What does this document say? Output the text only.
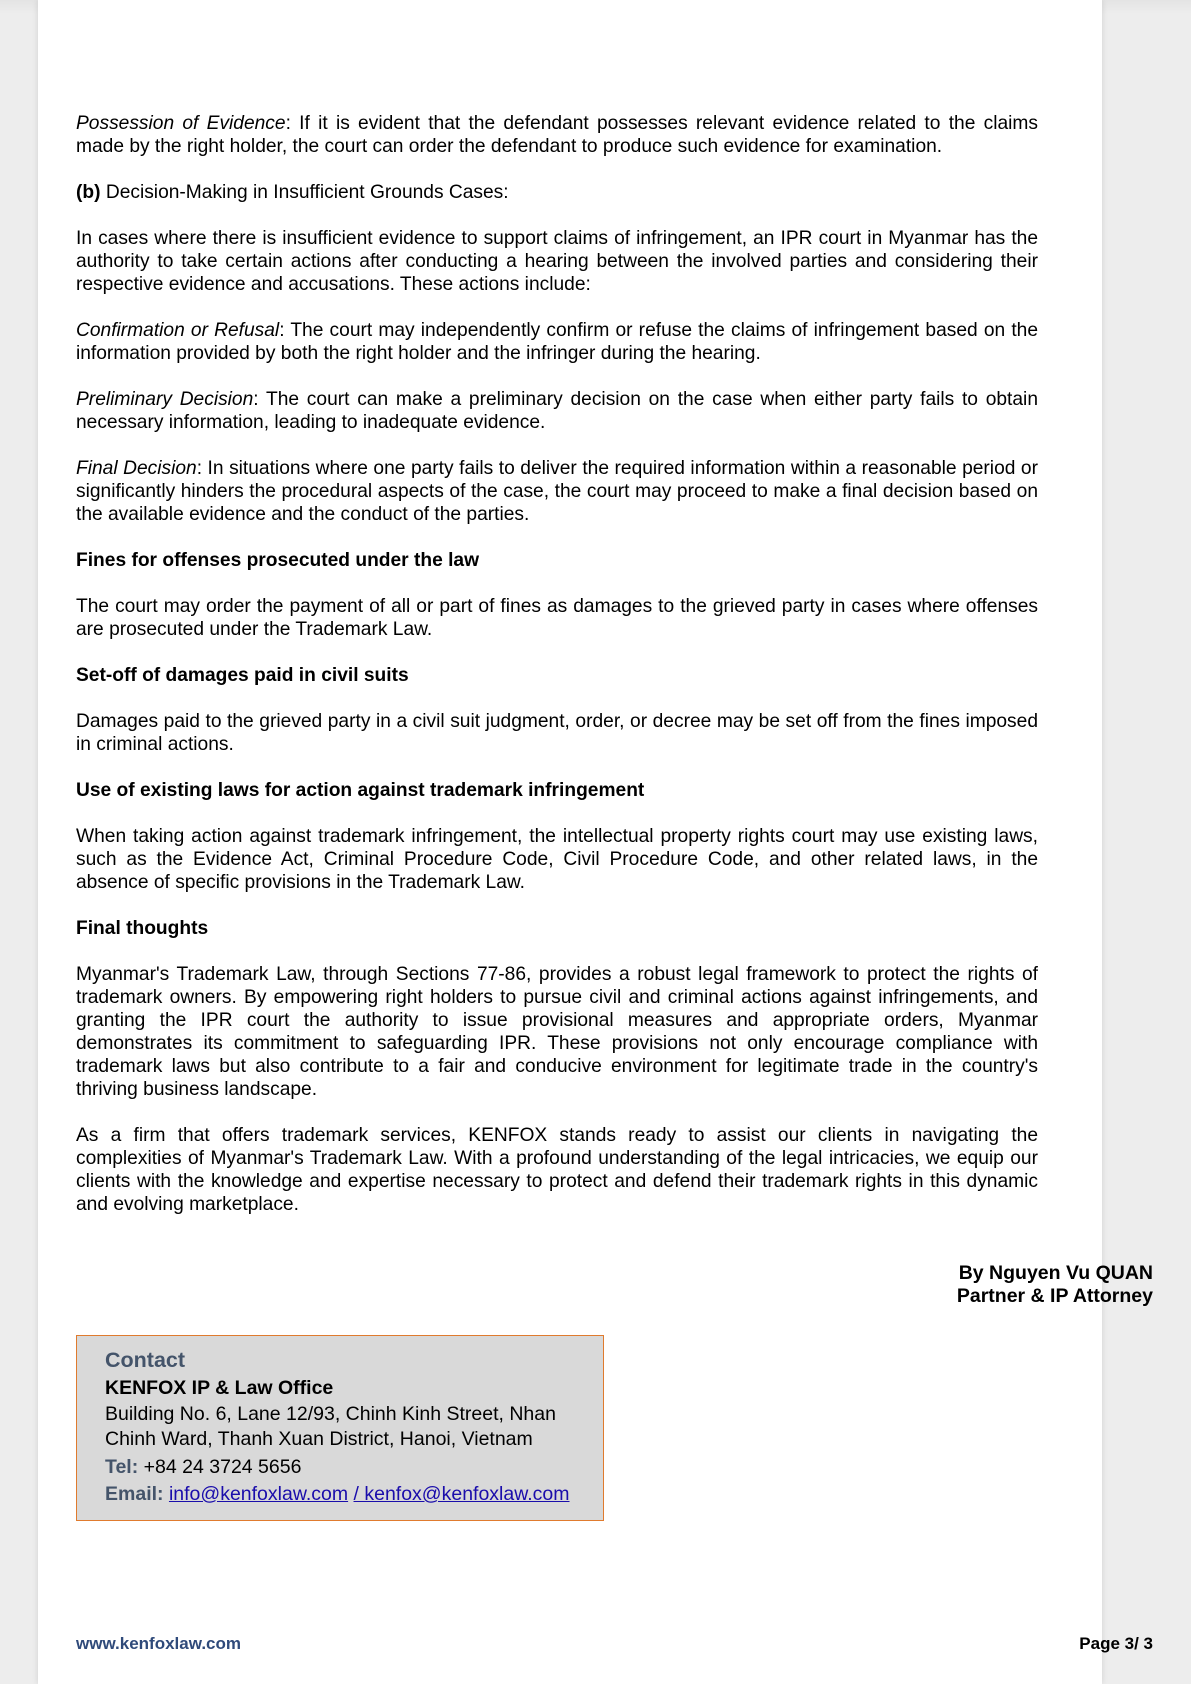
Possession of Evidence: If it is evident that the defendant possesses relevant evidence related to the claims made by the right holder, the court can order the defendant to produce such evidence for examination.

(b) Decision-Making in Insufficient Grounds Cases:

In cases where there is insufficient evidence to support claims of infringement, an IPR court in Myanmar has the authority to take certain actions after conducting a hearing between the involved parties and considering their respective evidence and accusations. These actions include:

Confirmation or Refusal: The court may independently confirm or refuse the claims of infringement based on the information provided by both the right holder and the infringer during the hearing.

Preliminary Decision: The court can make a preliminary decision on the case when either party fails to obtain necessary information, leading to inadequate evidence.

Final Decision: In situations where one party fails to deliver the required information within a reasonable period or significantly hinders the procedural aspects of the case, the court may proceed to make a final decision based on the available evidence and the conduct of the parties.

Fines for offenses prosecuted under the law

The court may order the payment of all or part of fines as damages to the grieved party in cases where offenses are prosecuted under the Trademark Law.

Set-off of damages paid in civil suits

Damages paid to the grieved party in a civil suit judgment, order, or decree may be set off from the fines imposed in criminal actions.

Use of existing laws for action against trademark infringement

When taking action against trademark infringement, the intellectual property rights court may use existing laws, such as the Evidence Act, Criminal Procedure Code, Civil Procedure Code, and other related laws, in the absence of specific provisions in the Trademark Law.

Final thoughts

Myanmar's Trademark Law, through Sections 77-86, provides a robust legal framework to protect the rights of trademark owners. By empowering right holders to pursue civil and criminal actions against infringements, and granting the IPR court the authority to issue provisional measures and appropriate orders, Myanmar demonstrates its commitment to safeguarding IPR. These provisions not only encourage compliance with trademark laws but also contribute to a fair and conducive environment for legitimate trade in the country's thriving business landscape.

As a firm that offers trademark services, KENFOX stands ready to assist our clients in navigating the complexities of Myanmar's Trademark Law. With a profound understanding of the legal intricacies, we equip our clients with the knowledge and expertise necessary to protect and defend their trademark rights in this dynamic and evolving marketplace.

By Nguyen Vu QUAN
Partner & IP Attorney
Contact
KENFOX IP & Law Office
Building No. 6, Lane 12/93, Chinh Kinh Street, Nhan
Chinh Ward, Thanh Xuan District, Hanoi, Vietnam
Tel: +84 24 3724 5656
Email: info@kenfoxlaw.com / kenfox@kenfoxlaw.com
www.kenfoxlaw.com	Page 3/ 3
